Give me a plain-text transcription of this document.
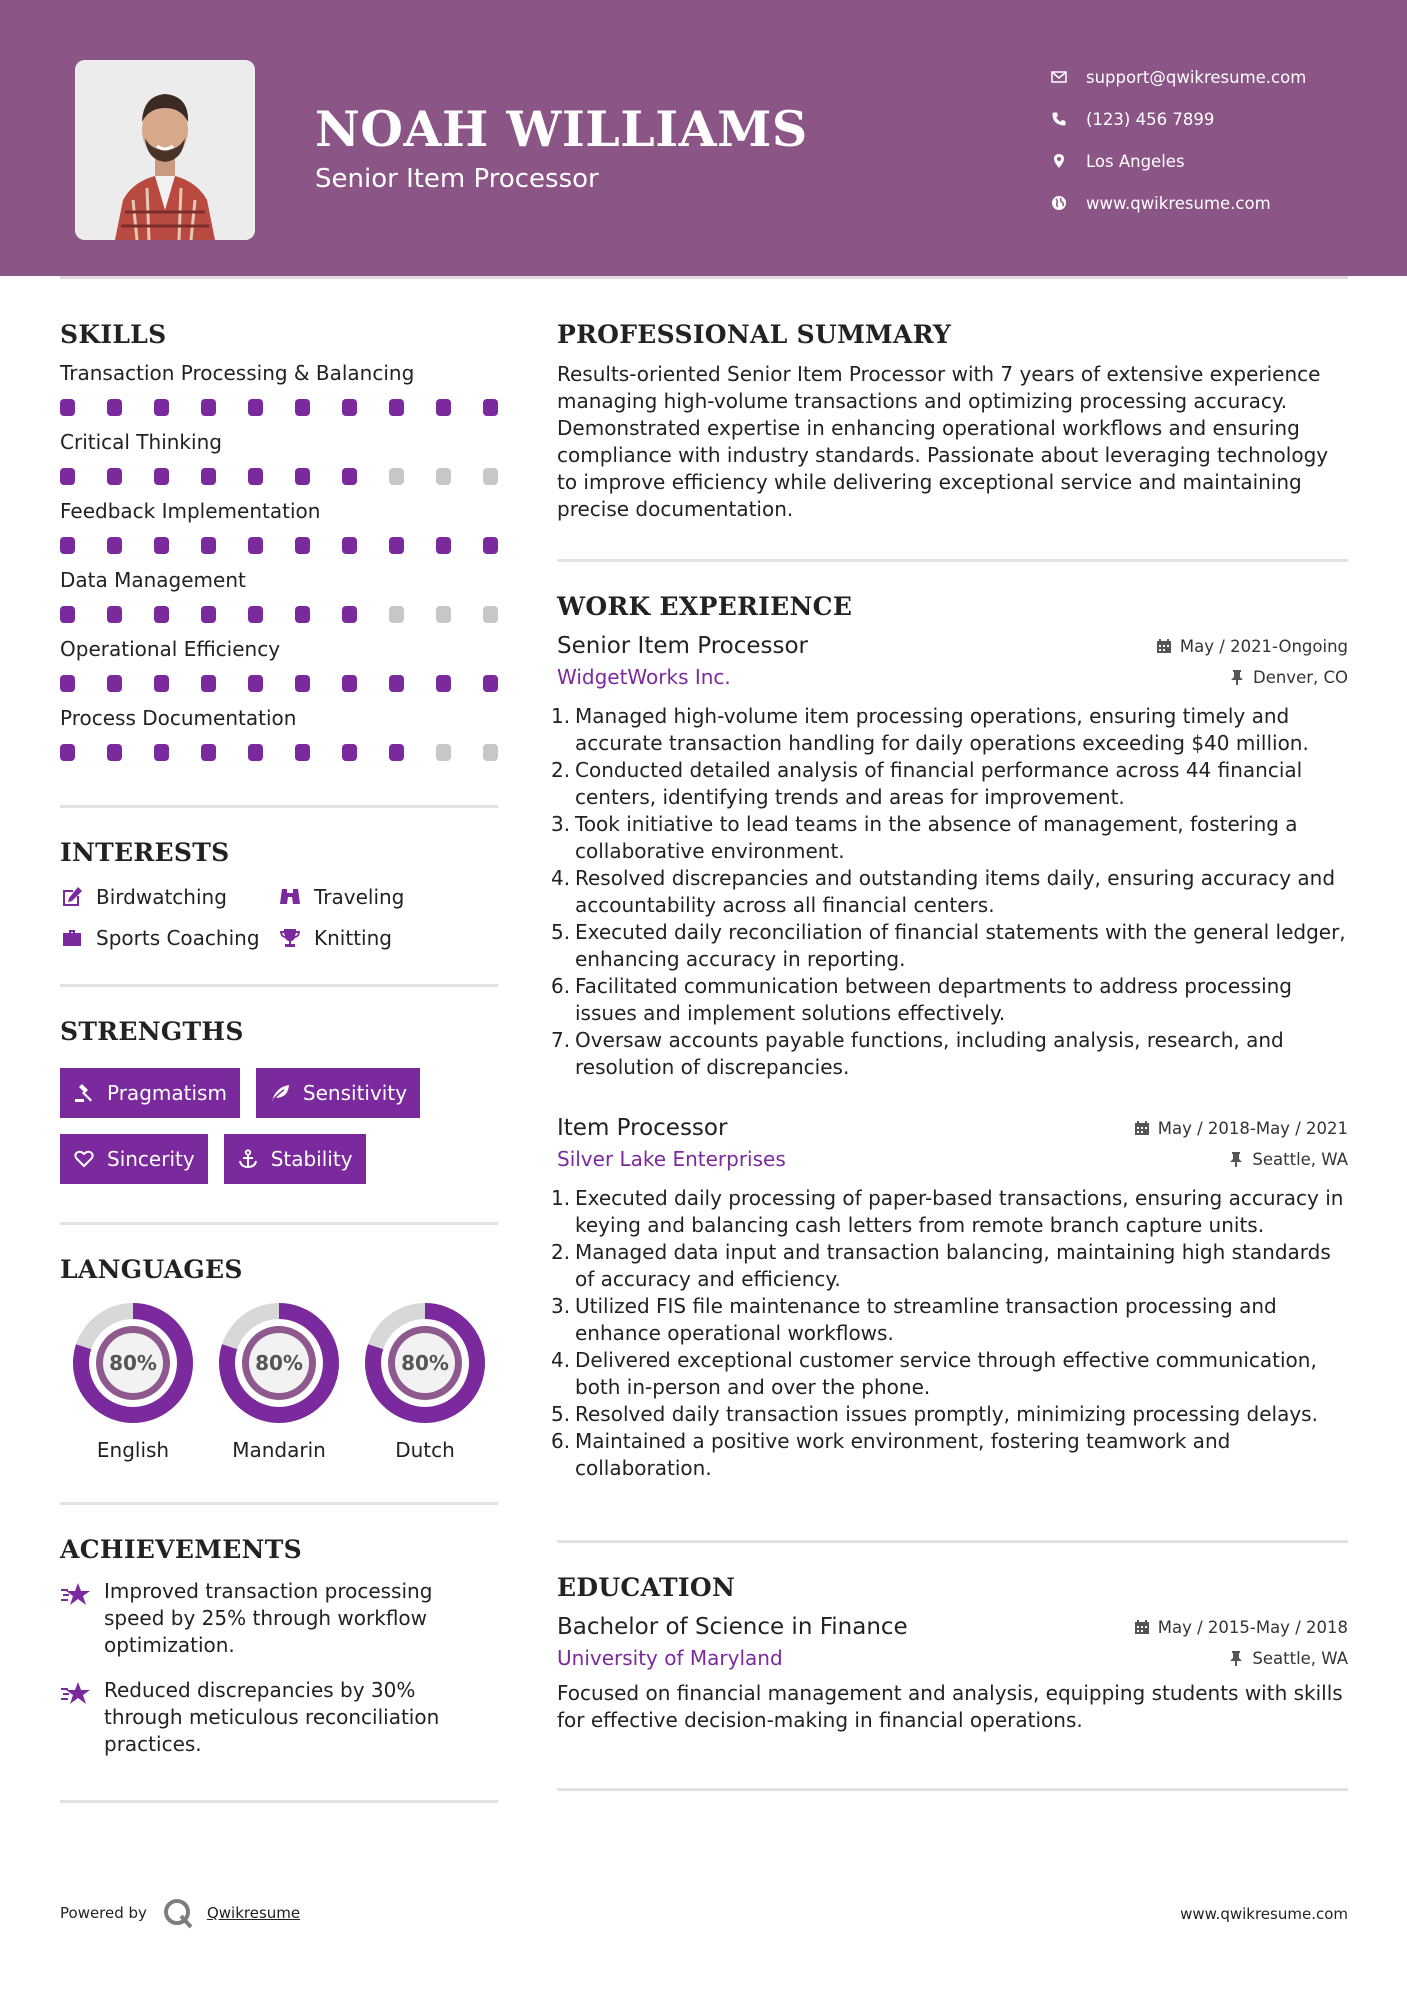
NOAH WILLIAMS
Senior Item Processor
support@qwikresume.com
(123) 456 7899
Los Angeles
www.qwikresume.com
SKILLS
Transaction Processing & Balancing
Critical Thinking
Feedback Implementation
Data Management
Operational Efficiency
Process Documentation
INTERESTS
Birdwatching	Traveling
Sports Coaching	Knitting
STRENGTHS
Pragmatism	Sensitivity
Sincerity	Stability
LANGUAGES
80%
English
80%
Mandarin
80%
Dutch
ACHIEVEMENTS
Improved transaction processing speed by 25% through workflow optimization.
Reduced discrepancies by 30% through meticulous reconciliation practices.
PROFESSIONAL SUMMARY
Results-oriented Senior Item Processor with 7 years of extensive experience managing high-volume transactions and optimizing processing accuracy. Demonstrated expertise in enhancing operational workflows and ensuring compliance with industry standards. Passionate about leveraging technology to improve efficiency while delivering exceptional service and maintaining precise documentation.
WORK EXPERIENCE
Senior Item Processor	May / 2021-Ongoing
WidgetWorks Inc.	Denver, CO
1. Managed high-volume item processing operations, ensuring timely and accurate transaction handling for daily operations exceeding $40 million.
2. Conducted detailed analysis of financial performance across 44 financial centers, identifying trends and areas for improvement.
3. Took initiative to lead teams in the absence of management, fostering a collaborative environment.
4. Resolved discrepancies and outstanding items daily, ensuring accuracy and accountability across all financial centers.
5. Executed daily reconciliation of financial statements with the general ledger, enhancing accuracy in reporting.
6. Facilitated communication between departments to address processing issues and implement solutions effectively.
7. Oversaw accounts payable functions, including analysis, research, and resolution of discrepancies.
Item Processor	May / 2018-May / 2021
Silver Lake Enterprises	Seattle, WA
1. Executed daily processing of paper-based transactions, ensuring accuracy in keying and balancing cash letters from remote branch capture units.
2. Managed data input and transaction balancing, maintaining high standards of accuracy and efficiency.
3. Utilized FIS file maintenance to streamline transaction processing and enhance operational workflows.
4. Delivered exceptional customer service through effective communication, both in-person and over the phone.
5. Resolved daily transaction issues promptly, minimizing processing delays.
6. Maintained a positive work environment, fostering teamwork and collaboration.
EDUCATION
Bachelor of Science in Finance	May / 2015-May / 2018
University of Maryland	Seattle, WA
Focused on financial management and analysis, equipping students with skills for effective decision-making in financial operations.
Powered by	Qwikresume	www.qwikresume.com
